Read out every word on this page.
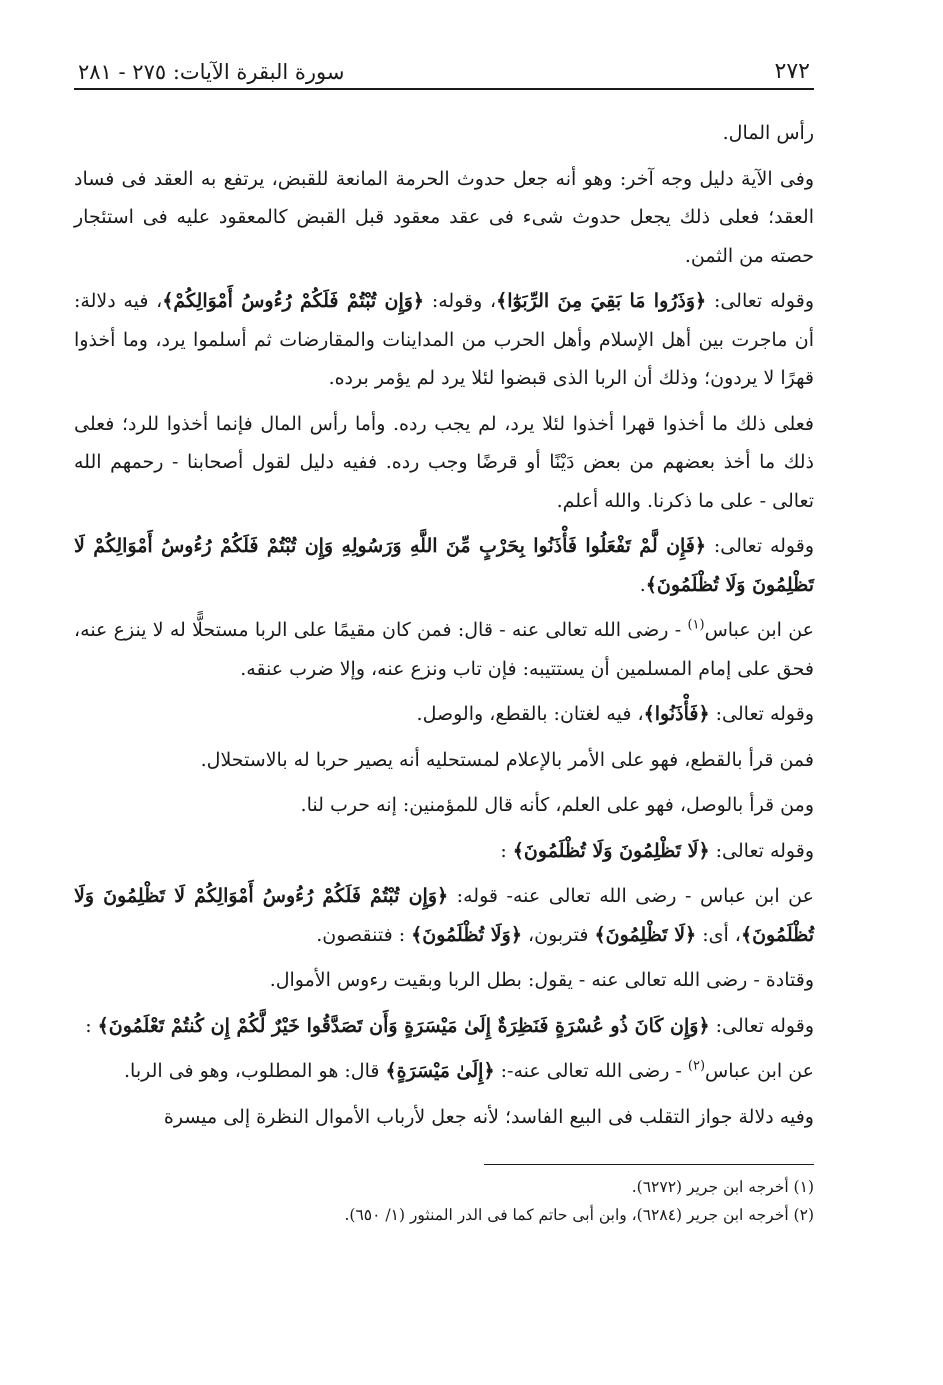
٢٧٢
سورة البقرة الآيات: ٢٧٥ - ٢٨١

رأس المال.

وفى الآية دليل وجه آخر: وهو أنه جعل حدوث الحرمة المانعة للقبض، يرتفع به العقد فى فساد العقد؛ فعلى ذلك يجعل حدوث شىء فى عقد معقود قبل القبض كالمعقود عليه فى استئجار حصته من الثمن.

وقوله تعالى: ﴿وَذَرُوا مَا بَقِيَ مِنَ الرِّبَوٰٓا﴾، وقوله: ﴿وَإِن تُبْتُمْ فَلَكُمْ رُءُوسُ أَمْوَالِكُمْ﴾، فيه دلالة: أن ماجرت بين أهل الإسلام وأهل الحرب من المداينات والمقارضات ثم أسلموا يرد، وما أخذوا قهرًا لا يردون؛ وذلك أن الربا الذى قبضوا لئلا يرد لم يؤمر برده.

فعلى ذلك ما أخذوا قهرا أخذوا لئلا يرد، لم يجب رده. وأما رأس المال فإنما أخذوا للرد؛ فعلى ذلك ما أخذ بعضهم من بعض دَيْنًا أو قرضًا وجب رده. ففيه دليل لقول أصحابنا - رحمهم الله تعالى - على ما ذكرنا. والله أعلم.

وقوله تعالى: ﴿فَإِن لَّمْ تَفْعَلُوا فَأْذَنُوا بِحَرْبٍ مِّنَ اللَّهِ وَرَسُولِهِ وَإِن تُبْتُمْ فَلَكُمْ رُءُوسُ أَمْوَالِكُمْ لَا تَظْلِمُونَ وَلَا تُظْلَمُونَ﴾.

عن ابن عباس$^{(١)}$ - رضى الله تعالى عنه - قال: فمن كان مقيمًا على الربا مستحلًّا له لا ينزع عنه، فحق على إمام المسلمين أن يستتيبه: فإن تاب ونزع عنه، وإلا ضرب عنقه.

وقوله تعالى: ﴿فَأْذَنُوا﴾، فيه لغتان: بالقطع، والوصل.

فمن قرأ بالقطع، فهو على الأمر بالإعلام لمستحليه أنه يصير حربا له بالاستحلال.

ومن قرأ بالوصل، فهو على العلم، كأنه قال للمؤمنين: إنه حرب لنا.

وقوله تعالى: ﴿لَا تَظْلِمُونَ وَلَا تُظْلَمُونَ﴾ :

عن ابن عباس - رضى الله تعالى عنه- قوله: ﴿وَإِن تُبْتُمْ فَلَكُمْ رُءُوسُ أَمْوَالِكُمْ لَا تَظْلِمُونَ وَلَا تُظْلَمُونَ﴾، أى: ﴿لَا تَظْلِمُونَ﴾ فتربون، ﴿وَلَا تُظْلَمُونَ﴾ : فتنقصون.

وقتادة - رضى الله تعالى عنه - يقول: بطل الربا وبقيت رءوس الأموال.

وقوله تعالى: ﴿وَإِن كَانَ ذُو عُسْرَةٍ فَنَظِرَةٌ إِلَىٰ مَيْسَرَةٍ وَأَن تَصَدَّقُوا خَيْرٌ لَّكُمْ إِن كُنتُمْ تَعْلَمُونَ﴾ :

عن ابن عباس$^{(٢)}$ - رضى الله تعالى عنه-: ﴿إِلَىٰ مَيْسَرَةٍ﴾ قال: هو المطلوب، وهو فى الربا.

وفيه دلالة جواز التقلب فى البيع الفاسد؛ لأنه جعل لأرباب الأموال النظرة إلى ميسرة

(١) أخرجه ابن جرير (٦٢٧٢).
(٢) أخرجه ابن جرير (٦٢٨٤)، وابن أبى حاتم كما فى الدر المنثور (١/ ٦٥٠).
